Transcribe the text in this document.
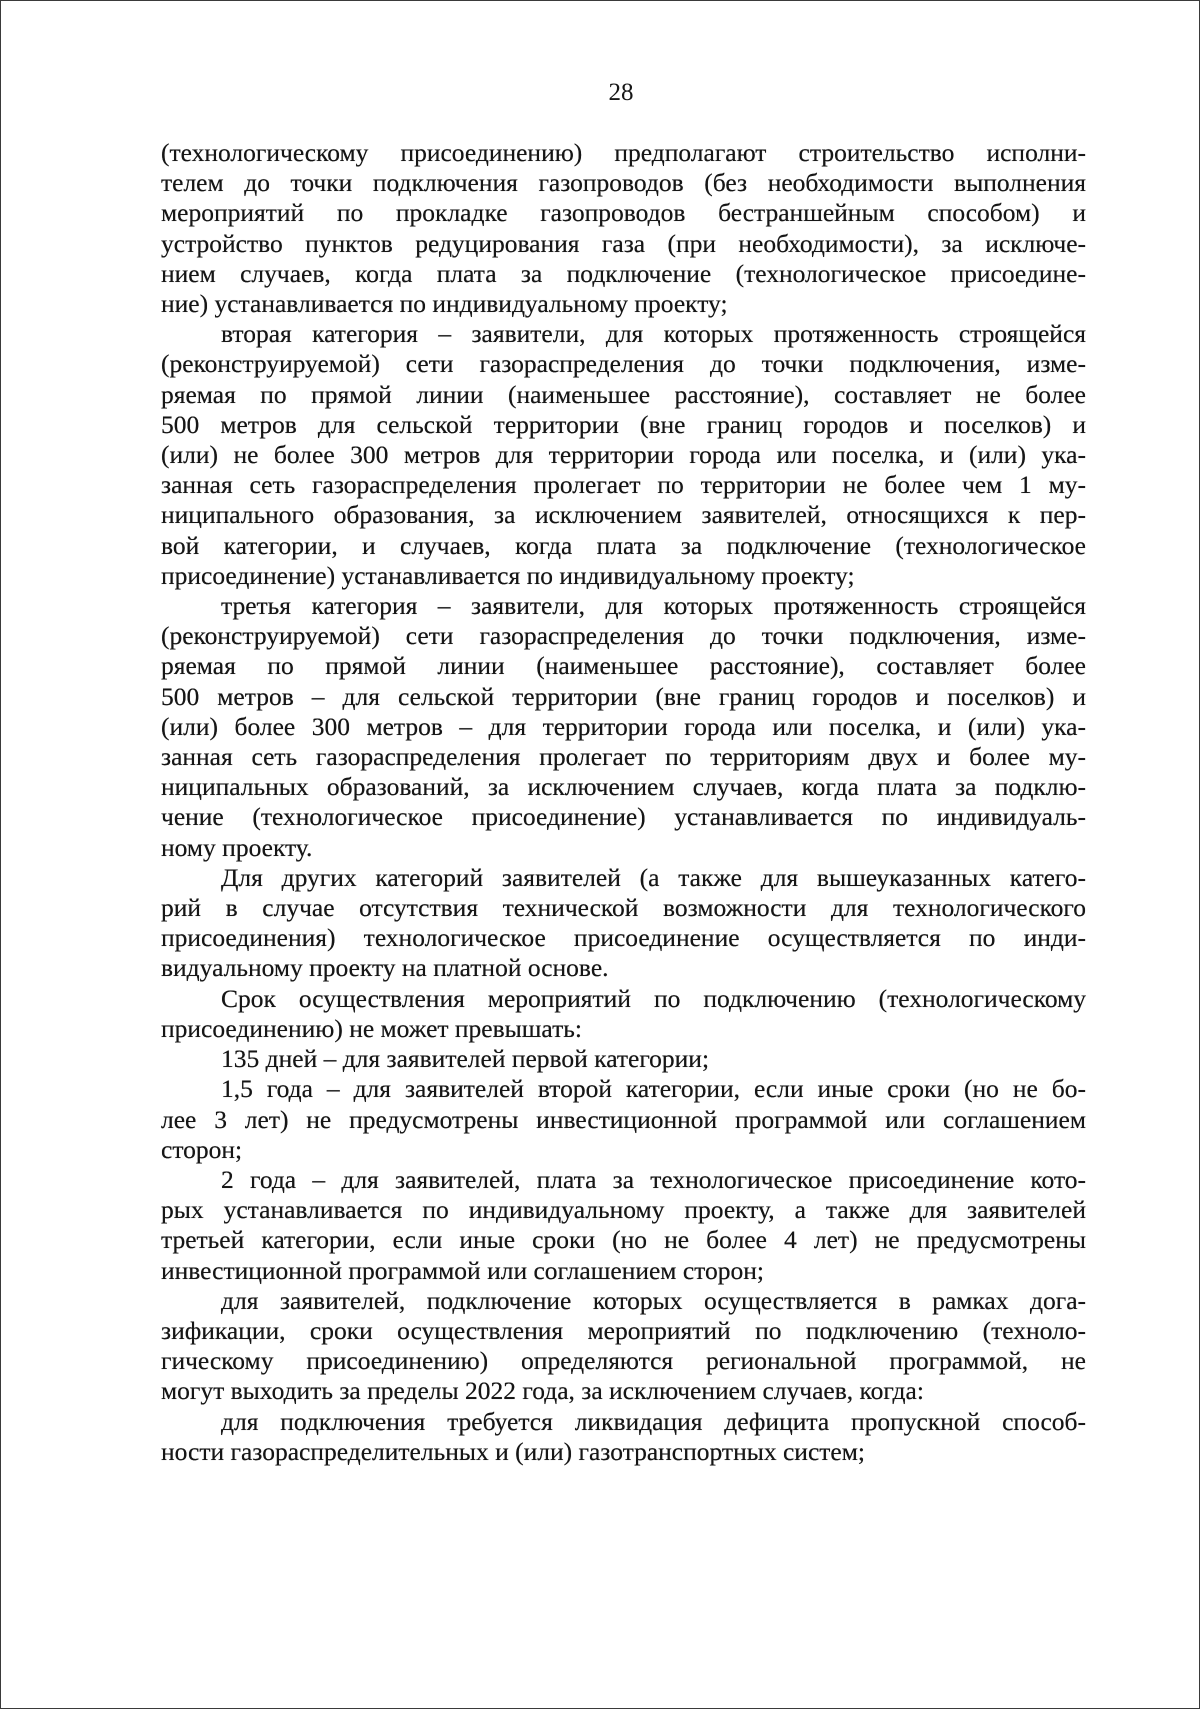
28
(технологическому присоединению) предполагают строительство исполни-
телем до точки подключения газопроводов (без необходимости выполнения
мероприятий по прокладке газопроводов бестраншейным способом) и
устройство пунктов редуцирования газа (при необходимости), за исключе-
нием случаев, когда плата за подключение (технологическое присоедине-
ние) устанавливается по индивидуальному проекту;
вторая категория – заявители, для которых протяженность строящейся
(реконструируемой) сети газораспределения до точки подключения, изме-
ряемая по прямой линии (наименьшее расстояние), составляет не более
500 метров для сельской территории (вне границ городов и поселков) и
(или) не более 300 метров для территории города или поселка, и (или) ука-
занная сеть газораспределения пролегает по территории не более чем 1 му-
ниципального образования, за исключением заявителей, относящихся к пер-
вой категории, и случаев, когда плата за подключение (технологическое
присоединение) устанавливается по индивидуальному проекту;
третья категория – заявители, для которых протяженность строящейся
(реконструируемой) сети газораспределения до точки подключения, изме-
ряемая по прямой линии (наименьшее расстояние), составляет более
500 метров – для сельской территории (вне границ городов и поселков) и
(или) более 300 метров – для территории города или поселка, и (или) ука-
занная сеть газораспределения пролегает по территориям двух и более му-
ниципальных образований, за исключением случаев, когда плата за подклю-
чение (технологическое присоединение) устанавливается по индивидуаль-
ному проекту.
Для других категорий заявителей (а также для вышеуказанных катего-
рий в случае отсутствия технической возможности для технологического
присоединения) технологическое присоединение осуществляется по инди-
видуальному проекту на платной основе.
Срок осуществления мероприятий по подключению (технологическому
присоединению) не может превышать:
135 дней – для заявителей первой категории;
1,5 года – для заявителей второй категории, если иные сроки (но не бо-
лее 3 лет) не предусмотрены инвестиционной программой или соглашением
сторон;
2 года – для заявителей, плата за технологическое присоединение кото-
рых устанавливается по индивидуальному проекту, а также для заявителей
третьей категории, если иные сроки (но не более 4 лет) не предусмотрены
инвестиционной программой или соглашением сторон;
для заявителей, подключение которых осуществляется в рамках дога-
зификации, сроки осуществления мероприятий по подключению (техноло-
гическому присоединению) определяются региональной программой, не
могут выходить за пределы 2022 года, за исключением случаев, когда:
для подключения требуется ликвидация дефицита пропускной способ-
ности газораспределительных и (или) газотранспортных систем;
